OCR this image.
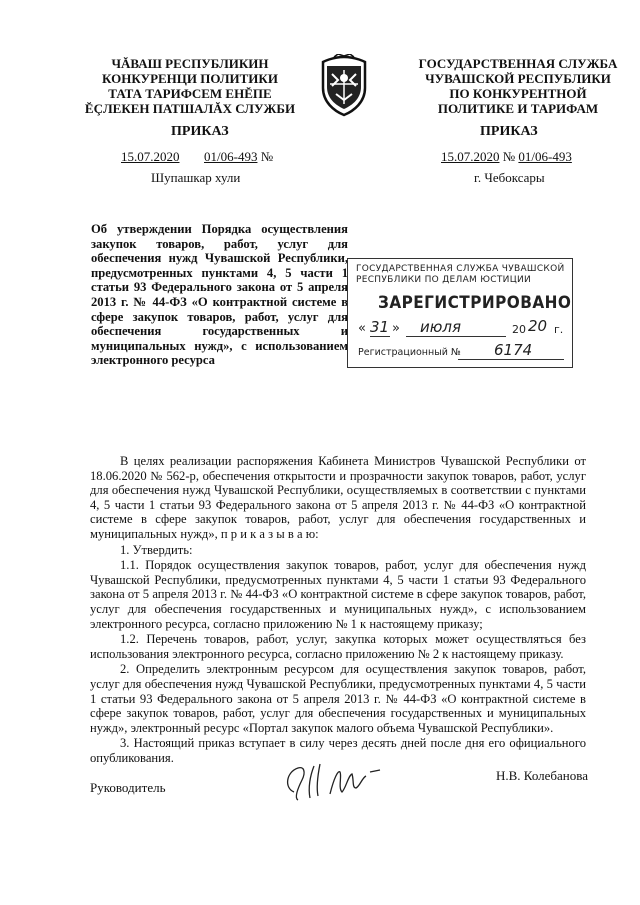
ЧĂВАШ РЕСПУБЛИКИН
КОНКУРЕНЦИ ПОЛИТИКИ
ТАТА ТАРИФСЕМ ЕНĔПЕ
ĔÇЛЕКЕН ПАТШАЛĂХ СЛУЖБИ
ГОСУДАРСТВЕННАЯ СЛУЖБА
ЧУВАШСКОЙ РЕСПУБЛИКИ
ПО КОНКУРЕНТНОЙ
ПОЛИТИКЕ И ТАРИФАМ
ПРИКАЗ	ПРИКАЗ
15.07.2020 01/06-493 №	15.07.2020 № 01/06-493
Шупашкар хули	г. Чебоксары
Об утверждении Порядка осуществления закупок товаров, работ, услуг для обеспечения нужд Чувашской Республики, предусмотренных пунктами 4, 5 части 1 статьи 93 Федерального закона от 5 апреля 2013 г. № 44-ФЗ «О контрактной системе в сфере закупок товаров, работ, услуг для обеспечения государственных и муниципальных нужд», с использованием электронного ресурса
ГОСУДАРСТВЕННАЯ СЛУЖБА ЧУВАШСКОЙ
РЕСПУБЛИКИ ПО ДЕЛАМ ЮСТИЦИИ
ЗАРЕГИСТРИРОВАНО
« 31 » июля	20 20 г.
Регистрационный № 6174

В целях реализации распоряжения Кабинета Министров Чувашской Республики от 18.06.2020 № 562-р, обеспечения открытости и прозрачности закупок товаров, работ, услуг для обеспечения нужд Чувашской Республики, осуществляемых в соответствии с пунктами 4, 5 части 1 статьи 93 Федерального закона от 5 апреля 2013 г. № 44-ФЗ «О контрактной системе в сфере закупок товаров, работ, услуг для обеспечения государственных и муниципальных нужд», п р и к а з ы в а ю:

1. Утвердить:

1.1. Порядок осуществления закупок товаров, работ, услуг для обеспечения нужд Чувашской Республики, предусмотренных пунктами 4, 5 части 1 статьи 93 Федерального закона от 5 апреля 2013 г. № 44-ФЗ «О контрактной системе в сфере закупок товаров, работ, услуг для обеспечения государственных и муниципальных нужд», с использованием электронного ресурса, согласно приложению № 1 к настоящему приказу;

1.2. Перечень товаров, работ, услуг, закупка которых может осуществляться без использования электронного ресурса, согласно приложению № 2 к настоящему приказу.

2. Определить электронным ресурсом для осуществления закупок товаров, работ, услуг для обеспечения нужд Чувашской Республики, предусмотренных пунктами 4, 5 части 1 статьи 93 Федерального закона от 5 апреля 2013 г. № 44-ФЗ «О контрактной системе в сфере закупок товаров, работ, услуг для обеспечения государственных и муниципальных нужд», электронный ресурс «Портал закупок малого объема Чувашской Республики».

3. Настоящий приказ вступает в силу через десять дней после дня его официального опубликования.

Руководитель
Н.В. Колебанова
